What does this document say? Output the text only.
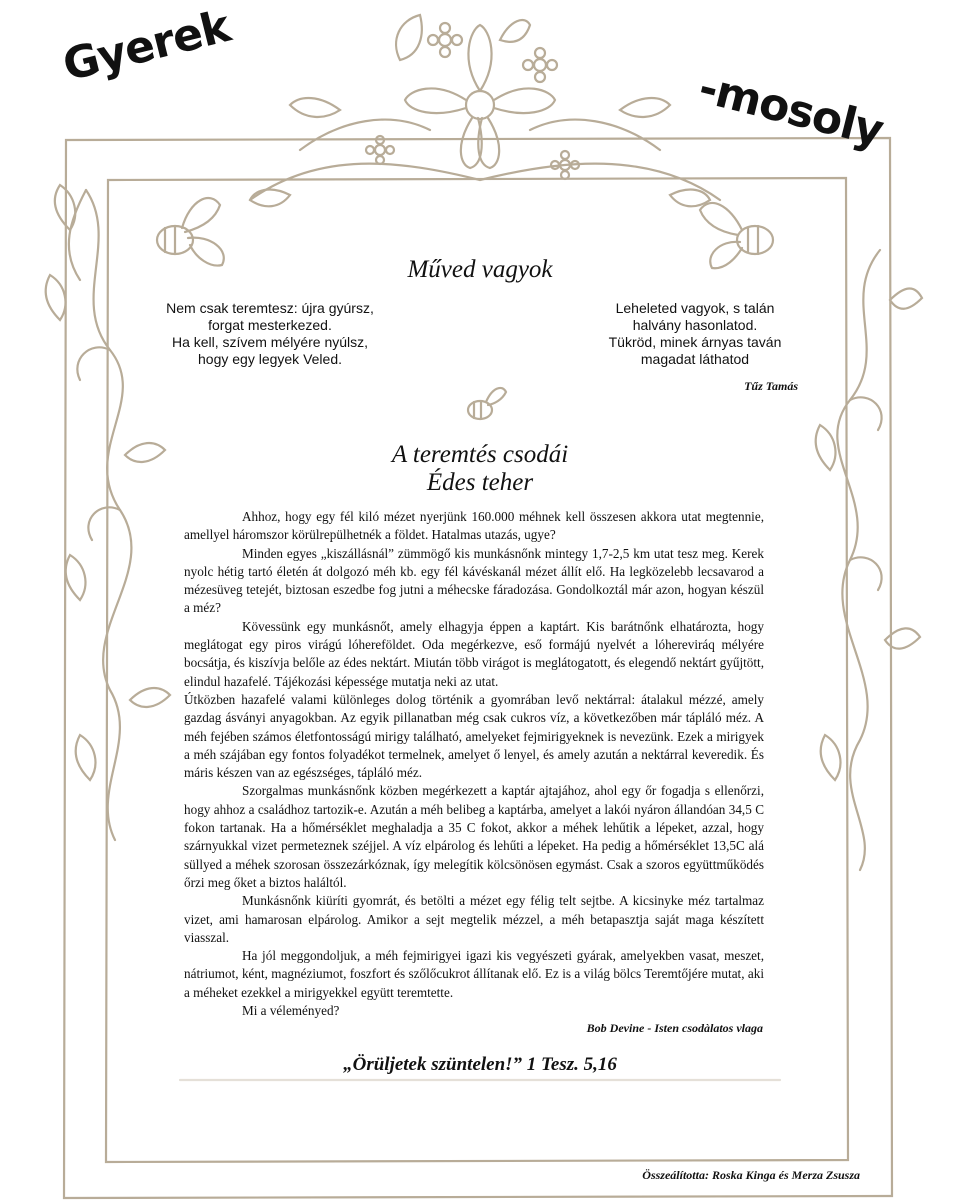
Gyerek
-mosoly
Műved vagyok
Nem csak teremtesz: újra gyúrsz,
forgat mesterkezed.
Ha kell, szívem mélyére nyúlsz,
hogy egy legyek Veled.
Leheleted vagyok, s talán
halvány hasonlatod.
Tükröd, minek árnyas taván
magadat láthatod
Tűz Tamás
A teremtés csodái
Édes teher

Ahhoz, hogy egy fél kiló mézet nyerjünk 160.000 méhnek kell összesen akkora utat megtennie, amellyel háromszor körülrepülhetnék a földet. Hatalmas utazás, ugye?

Minden egyes „kiszállásnál” zümmögő kis munkásnőnk mintegy 1,7-2,5 km utat tesz meg. Kerek nyolc hétig tartó életén át dolgozó méh kb. egy fél kávéskanál mézet állít elő. Ha legközelebb lecsavarod a mézesüveg tetejét, biztosan eszedbe fog jutni a méhecske fáradozása. Gondolkoztál már azon, hogyan készül a méz?

Kövessünk egy munkásnőt, amely elhagyja éppen a kaptárt. Kis barátnőnk elhatározta, hogy meglátogat egy piros virágú lóhereföldet. Oda megérkezve, eső formájú nyelvét a lóhereviráq mélyére bocsátja, és kiszívja belőle az édes nektárt. Miután több virágot is meglátogatott, és elegendő nektárt gyűjtött, elindul hazafelé. Tájékozási képessége mutatja neki az utat.

Útközben hazafelé valami különleges dolog történik a gyomrában levő nektárral: átalakul mézzé, amely gazdag ásványi anyagokban. Az egyik pillanatban még csak cukros víz, a következőben már tápláló méz. A méh fejében számos életfontosságú mirigy található, amelyeket fejmirigyeknek is nevezünk. Ezek a mirigyek a méh szájában egy fontos folyadékot termelnek, amelyet ő lenyel, és amely azután a nektárral keveredik. És máris készen van az egészséges, tápláló méz.

Szorgalmas munkásnőnk közben megérkezett a kaptár ajtajához, ahol egy őr fogadja s ellenőrzi, hogy ahhoz a családhoz tartozik-e. Azután a méh belibeg a kaptárba, amelyet a lakói nyáron állandóan 34,5 C fokon tartanak. Ha a hőmérséklet meghaladja a 35 C fokot, akkor a méhek lehűtik a lépeket, azzal, hogy szárnyukkal vizet permeteznek széjjel. A víz elpárolog és lehűti a lépeket. Ha pedig a hőmérséklet 13,5C alá süllyed a méhek szorosan összezárkóznak, így melegítik kölcsönösen egymást. Csak a szoros együttműködés őrzi meg őket a biztos haláltól.

Munkásnőnk kiüríti gyomrát, és betölti a mézet egy félig telt sejtbe. A kicsinyke méz tartalmaz vizet, ami hamarosan elpárolog. Amikor a sejt megtelik mézzel, a méh betapasztja saját maga készített viasszal.

Ha jól meggondoljuk, a méh fejmirigyei igazi kis vegyészeti gyárak, amelyekben vasat, meszet, nátriumot, ként, magnéziumot, foszfort és szőlőcukrot állítanak elő. Ez is a világ bölcs Teremtőjére mutat, aki a méheket ezekkel a mirigyekkel együtt teremtette.

Mi a véleményed?

Bob Devine - Isten csodàlatos vlaga
„Örüljetek szüntelen!” 1 Tesz. 5,16
Összeálította: Roska Kinga és Merza Zsusza
